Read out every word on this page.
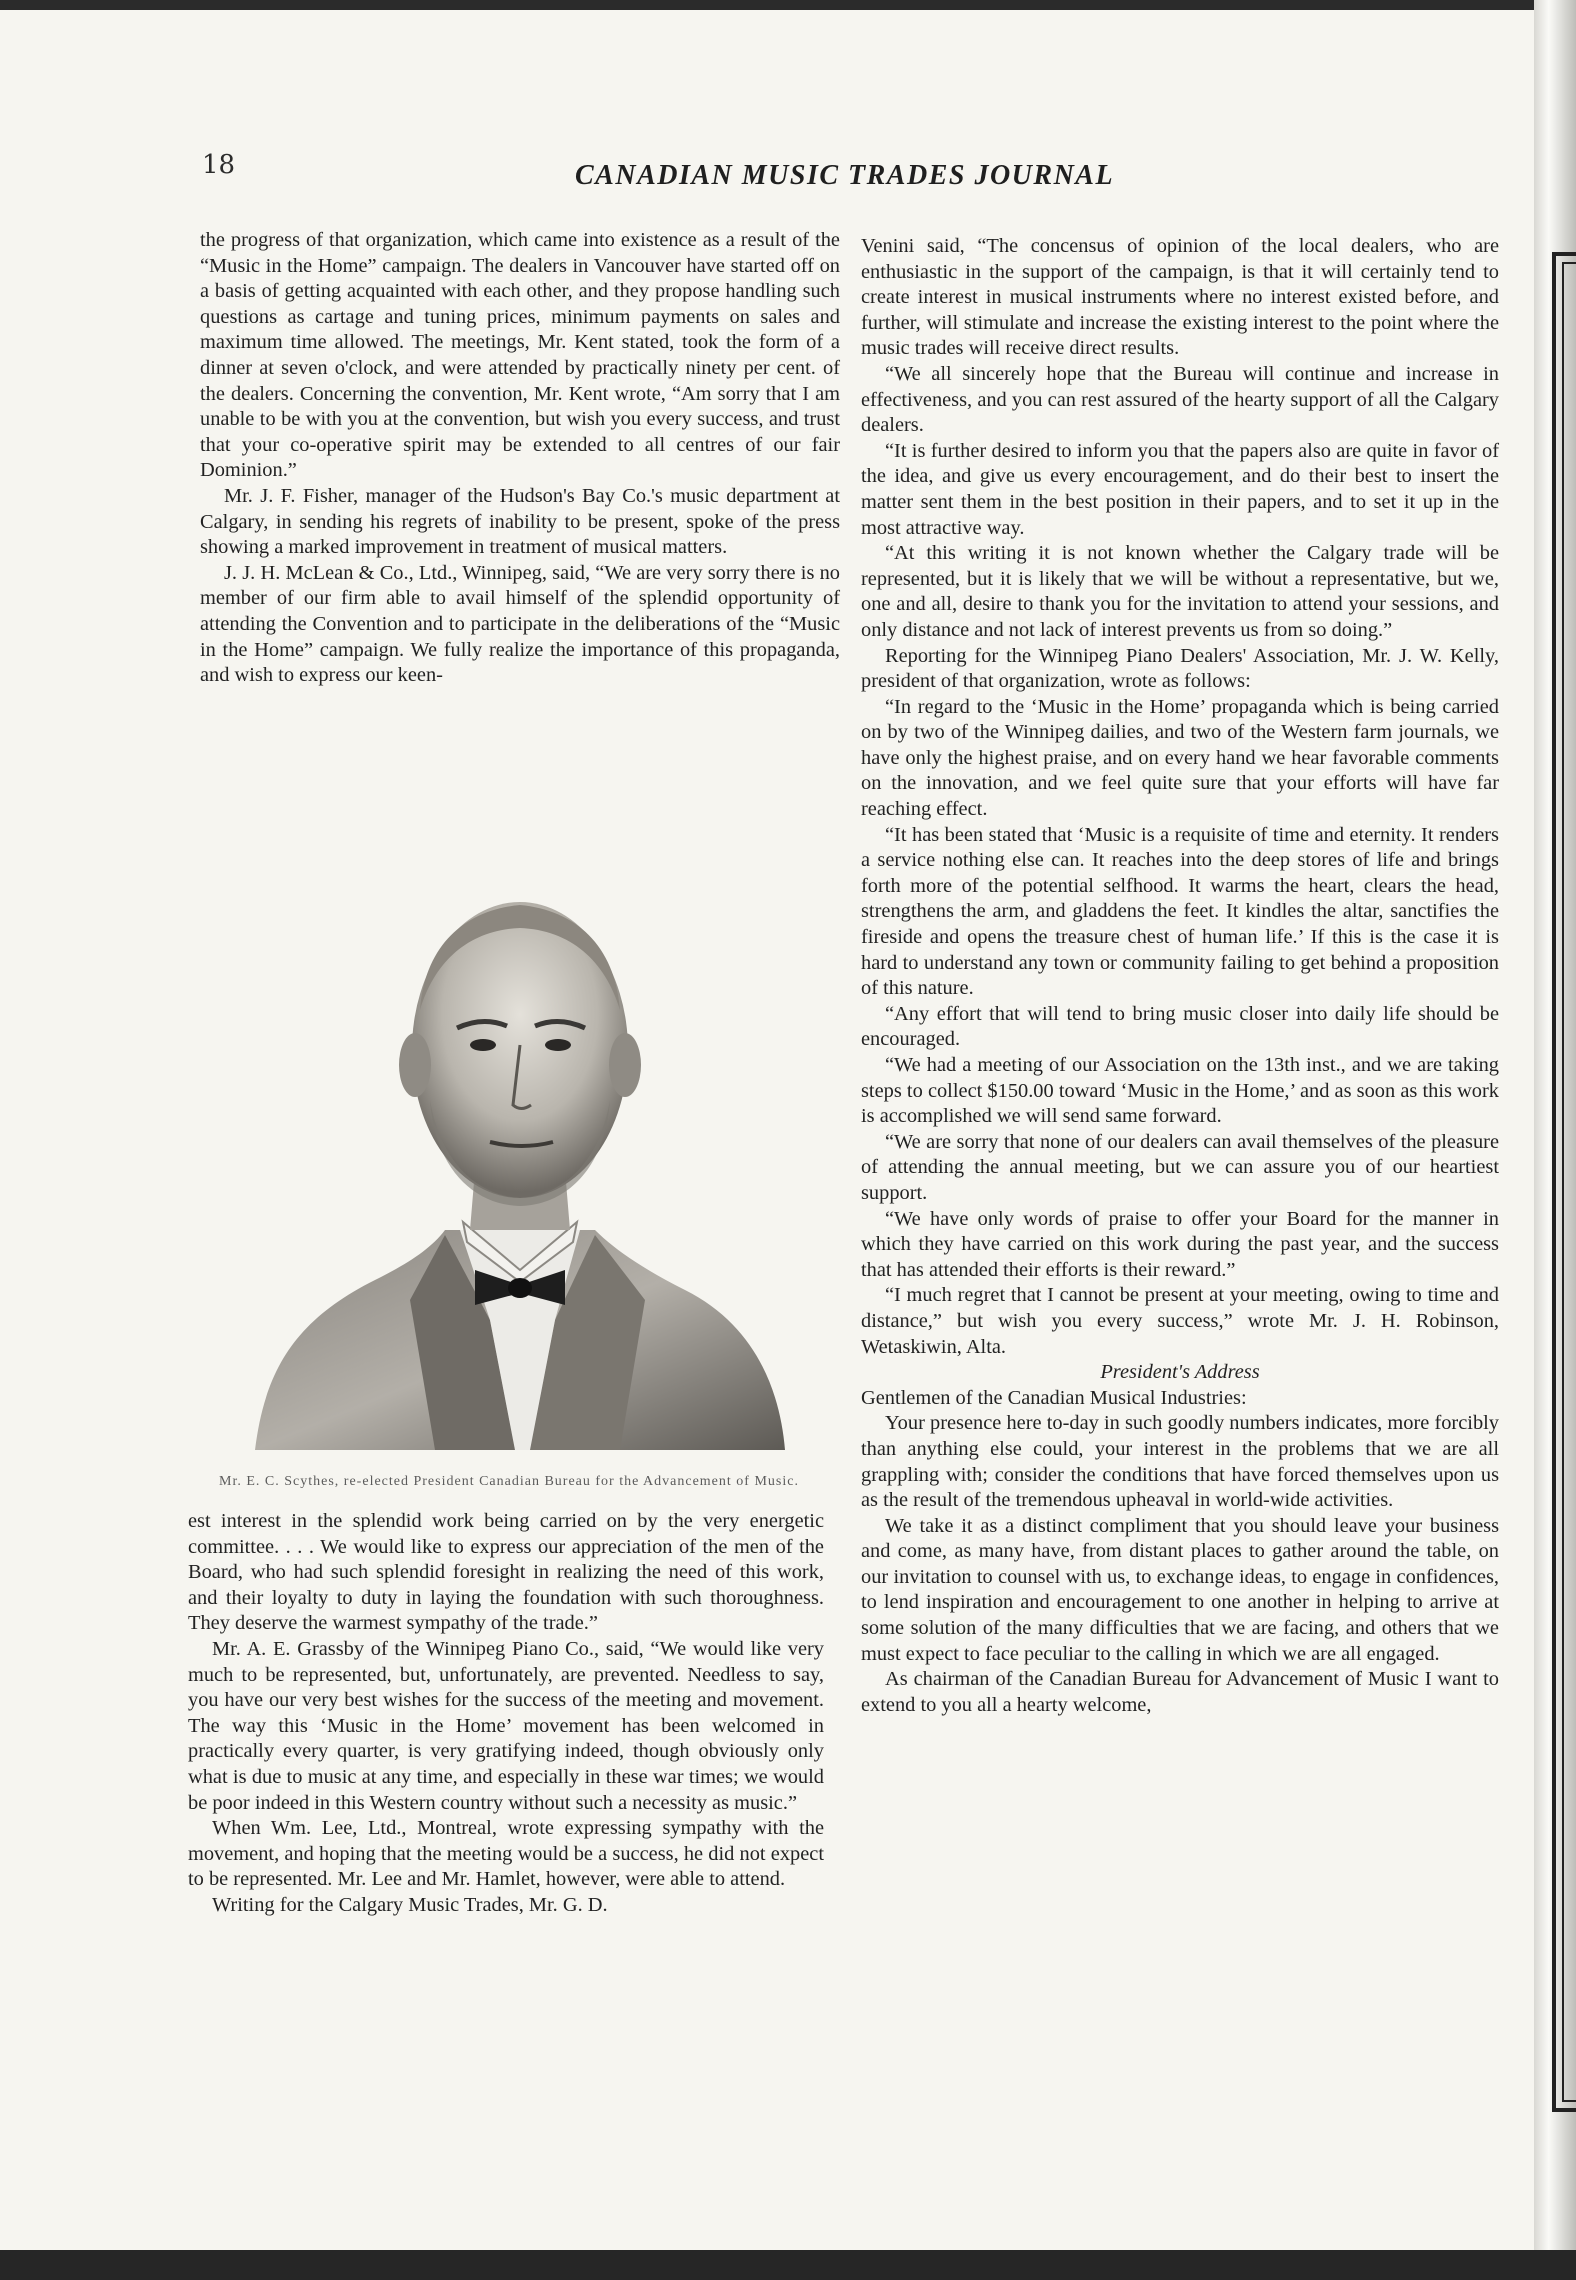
18	CANADIAN MUSIC TRADES JOURNAL

the progress of that organization, which came into existence as a result of the “Music in the Home” campaign. The dealers in Vancouver have started off on a basis of getting acquainted with each other, and they propose handling such questions as cartage and tuning prices, minimum payments on sales and maximum time allowed. The meetings, Mr. Kent stated, took the form of a dinner at seven o'clock, and were attended by practically ninety per cent. of the dealers. Concerning the convention, Mr. Kent wrote, “Am sorry that I am unable to be with you at the convention, but wish you every success, and trust that your co-operative spirit may be extended to all centres of our fair Dominion.”

Mr. J. F. Fisher, manager of the Hudson's Bay Co.'s music department at Calgary, in sending his regrets of inability to be present, spoke of the press showing a marked improvement in treatment of musical matters.

J. J. H. McLean & Co., Ltd., Winnipeg, said, “We are very sorry there is no member of our firm able to avail himself of the splendid opportunity of attending the Convention and to participate in the deliberations of the “Music in the Home” campaign. We fully realize the importance of this propaganda, and wish to express our keen-

Mr. E. C. Scythes, re-elected President Canadian Bureau for the Advancement of Music.

est interest in the splendid work being carried on by the very energetic committee. . . . We would like to express our appreciation of the men of the Board, who had such splendid foresight in realizing the need of this work, and their loyalty to duty in laying the foundation with such thoroughness. They deserve the warmest sympathy of the trade.”

Mr. A. E. Grassby of the Winnipeg Piano Co., said, “We would like very much to be represented, but, unfortunately, are prevented. Needless to say, you have our very best wishes for the success of the meeting and movement. The way this ‘Music in the Home’ movement has been welcomed in practically every quarter, is very gratifying indeed, though obviously only what is due to music at any time, and especially in these war times; we would be poor indeed in this Western country without such a necessity as music.”

When Wm. Lee, Ltd., Montreal, wrote expressing sympathy with the movement, and hoping that the meeting would be a success, he did not expect to be represented. Mr. Lee and Mr. Hamlet, however, were able to attend.

Writing for the Calgary Music Trades, Mr. G. D.

Venini said, “The concensus of opinion of the local dealers, who are enthusiastic in the support of the campaign, is that it will certainly tend to create interest in musical instruments where no interest existed before, and further, will stimulate and increase the existing interest to the point where the music trades will receive direct results.

“We all sincerely hope that the Bureau will continue and increase in effectiveness, and you can rest assured of the hearty support of all the Calgary dealers.

“It is further desired to inform you that the papers also are quite in favor of the idea, and give us every encouragement, and do their best to insert the matter sent them in the best position in their papers, and to set it up in the most attractive way.

“At this writing it is not known whether the Calgary trade will be represented, but it is likely that we will be without a representative, but we, one and all, desire to thank you for the invitation to attend your sessions, and only distance and not lack of interest prevents us from so doing.”

Reporting for the Winnipeg Piano Dealers' Association, Mr. J. W. Kelly, president of that organization, wrote as follows:

“In regard to the ‘Music in the Home’ propaganda which is being carried on by two of the Winnipeg dailies, and two of the Western farm journals, we have only the highest praise, and on every hand we hear favorable comments on the innovation, and we feel quite sure that your efforts will have far reaching effect.

“It has been stated that ‘Music is a requisite of time and eternity. It renders a service nothing else can. It reaches into the deep stores of life and brings forth more of the potential selfhood. It warms the heart, clears the head, strengthens the arm, and gladdens the feet. It kindles the altar, sanctifies the fireside and opens the treasure chest of human life.’ If this is the case it is hard to understand any town or community failing to get behind a proposition of this nature.

“Any effort that will tend to bring music closer into daily life should be encouraged.

“We had a meeting of our Association on the 13th inst., and we are taking steps to collect $150.00 toward ‘Music in the Home,’ and as soon as this work is accomplished we will send same forward.

“We are sorry that none of our dealers can avail themselves of the pleasure of attending the annual meeting, but we can assure you of our heartiest support.

“We have only words of praise to offer your Board for the manner in which they have carried on this work during the past year, and the success that has attended their efforts is their reward.”

“I much regret that I cannot be present at your meeting, owing to time and distance,” but wish you every success,” wrote Mr. J. H. Robinson, Wetaskiwin, Alta.

President's Address

Gentlemen of the Canadian Musical Industries:

Your presence here to-day in such goodly numbers indicates, more forcibly than anything else could, your interest in the problems that we are all grappling with; consider the conditions that have forced themselves upon us as the result of the tremendous upheaval in world-wide activities.

We take it as a distinct compliment that you should leave your business and come, as many have, from distant places to gather around the table, on our invitation to counsel with us, to exchange ideas, to engage in confidences, to lend inspiration and encouragement to one another in helping to arrive at some solution of the many difficulties that we are facing, and others that we must expect to face peculiar to the calling in which we are all engaged.

As chairman of the Canadian Bureau for Advancement of Music I want to extend to you all a hearty welcome,
